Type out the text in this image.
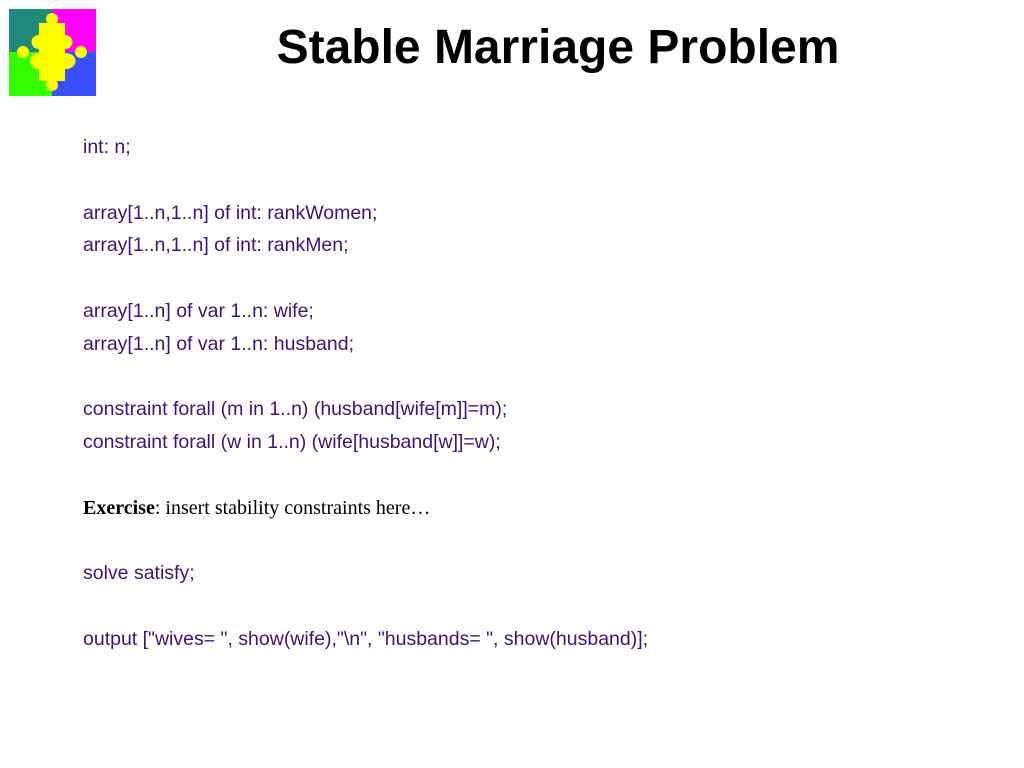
Stable Marriage Problem
int: n;
array[1..n,1..n] of int: rankWomen;
array[1..n,1..n] of int: rankMen;
array[1..n] of var 1..n: wife;
array[1..n] of var 1..n: husband;
constraint forall (m in 1..n) (husband[wife[m]]=m);
constraint forall (w in 1..n) (wife[husband[w]]=w);
Exercise: insert stability constraints here…
solve satisfy;
output ["wives= ", show(wife),"\n", "husbands= ", show(husband)];
